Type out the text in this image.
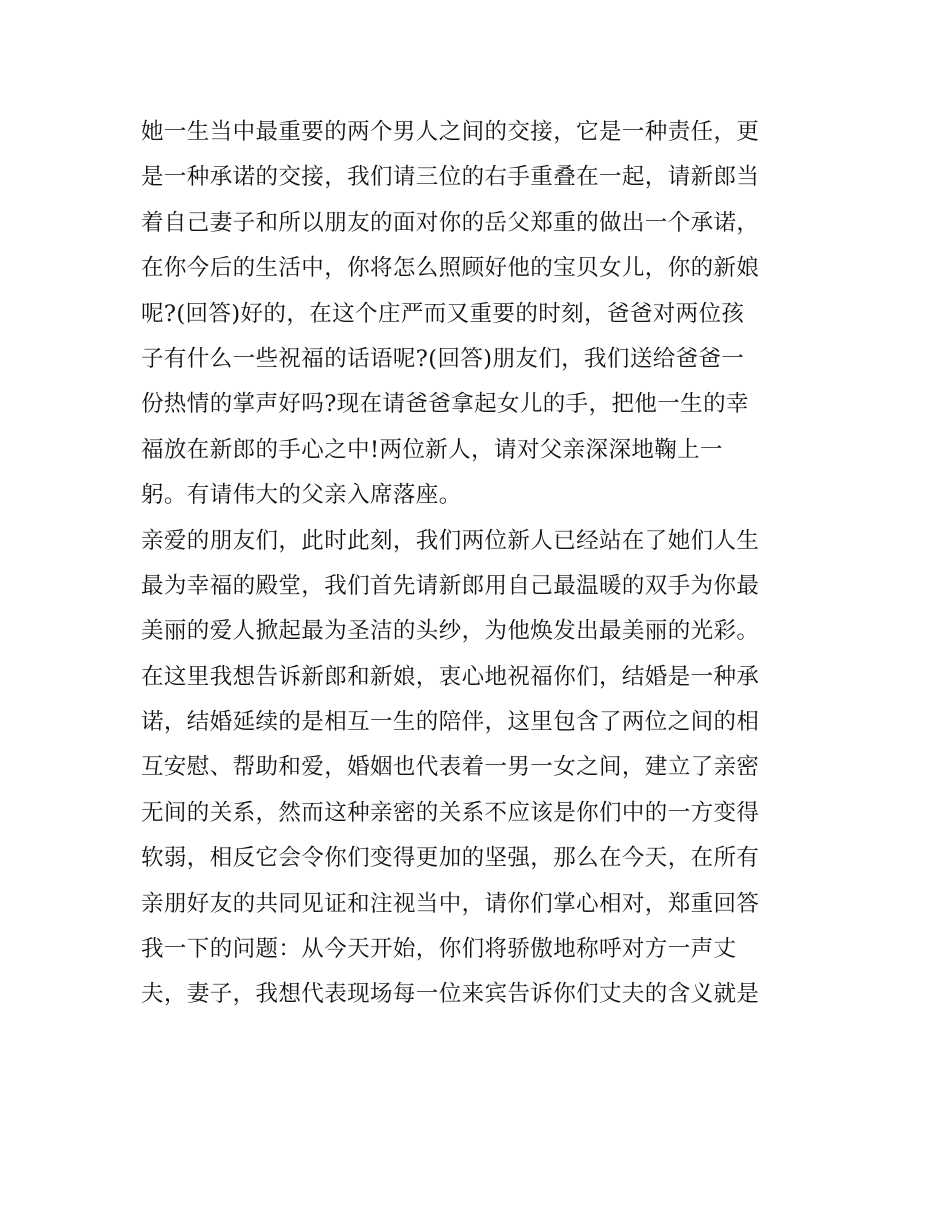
她一生当中最重要的两个男人之间的交接，它是一种责任，更
是一种承诺的交接，我们请三位的右手重叠在一起，请新郎当
着自己妻子和所以朋友的面对你的岳父郑重的做出一个承诺，
在你今后的生活中，你将怎么照顾好他的宝贝女儿，你的新娘
呢?(回答)好的，在这个庄严而又重要的时刻，爸爸对两位孩
子有什么一些祝福的话语呢?(回答)朋友们，我们送给爸爸一
份热情的掌声好吗?现在请爸爸拿起女儿的手，把他一生的幸
福放在新郎的手心之中!两位新人，请对父亲深深地鞠上一
躬。有请伟大的父亲入席落座。
亲爱的朋友们，此时此刻，我们两位新人已经站在了她们人生
最为幸福的殿堂，我们首先请新郎用自己最温暖的双手为你最
美丽的爱人掀起最为圣洁的头纱，为他焕发出最美丽的光彩。
在这里我想告诉新郎和新娘，衷心地祝福你们，结婚是一种承
诺，结婚延续的是相互一生的陪伴，这里包含了两位之间的相
互安慰、帮助和爱，婚姻也代表着一男一女之间，建立了亲密
无间的关系，然而这种亲密的关系不应该是你们中的一方变得
软弱，相反它会令你们变得更加的坚强，那么在今天，在所有
亲朋好友的共同见证和注视当中，请你们掌心相对，郑重回答
我一下的问题：从今天开始，你们将骄傲地称呼对方一声丈
夫，妻子，我想代表现场每一位来宾告诉你们丈夫的含义就是
